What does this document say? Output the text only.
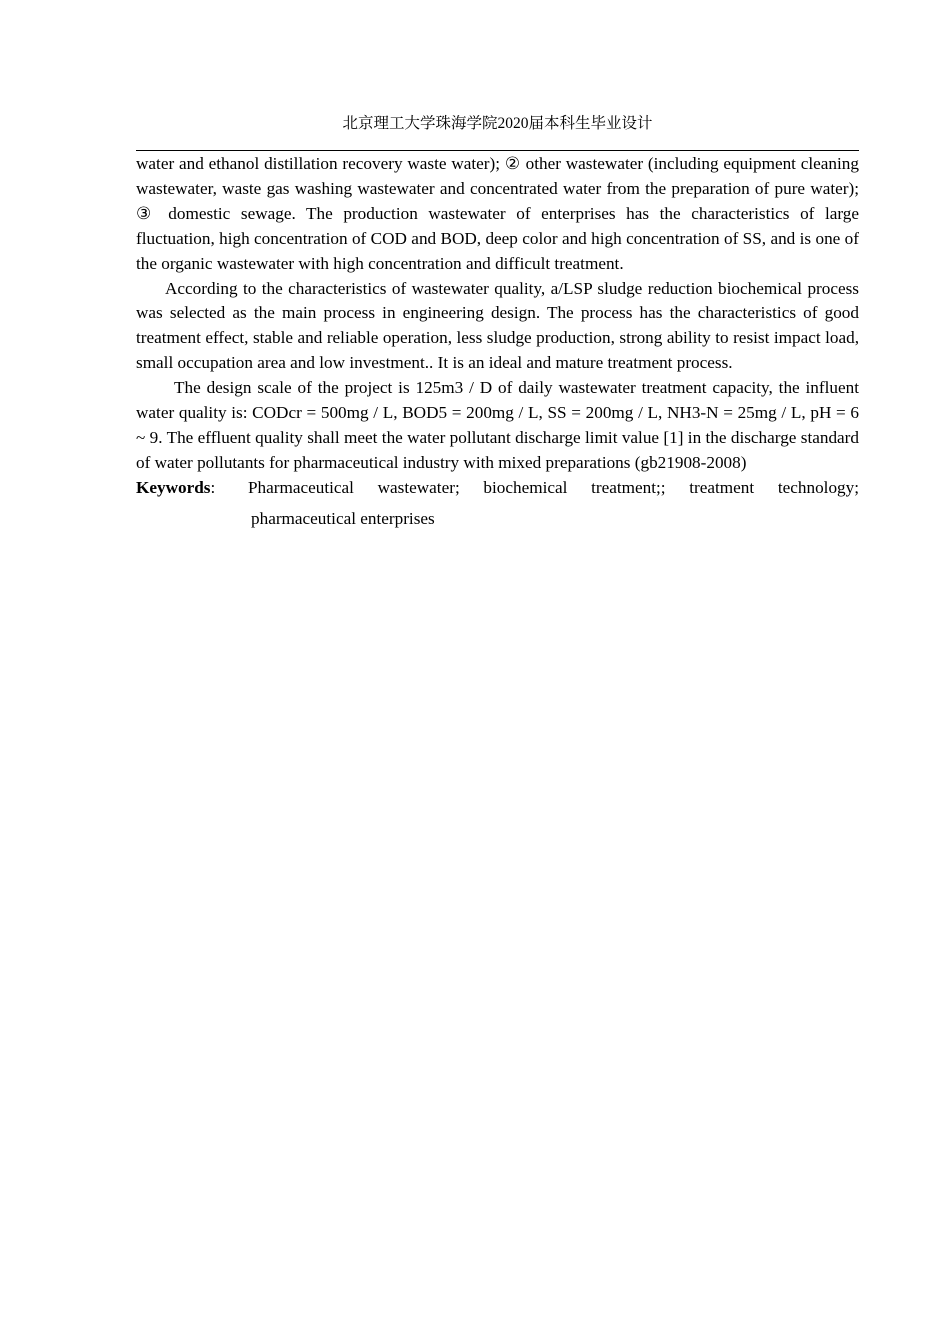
北京理工大学珠海学院2020届本科生毕业设计

water and ethanol distillation recovery waste water); ② other wastewater (including equipment cleaning wastewater, waste gas washing wastewater and concentrated water from the preparation of pure water); ③ domestic sewage. The production wastewater of enterprises has the characteristics of large fluctuation, high concentration of COD and BOD, deep color and high concentration of SS, and is one of the organic wastewater with high concentration and difficult treatment.

According to the characteristics of wastewater quality, a/LSP sludge reduction biochemical process was selected as the main process in engineering design. The process has the characteristics of good treatment effect, stable and reliable operation, less sludge production, strong ability to resist impact load, small occupation area and low investment.. It is an ideal and mature treatment process.

The design scale of the project is 125m3 / D of daily wastewater treatment capacity, the influent water quality is: CODcr = 500mg / L, BOD5 = 200mg / L, SS = 200mg / L, NH3-N = 25mg / L, pH = 6 ~ 9. The effluent quality shall meet the water pollutant discharge limit value [1] in the discharge standard of water pollutants for pharmaceutical industry with mixed preparations (gb21908-2008)

Keywords:	Pharmaceutical wastewater; biochemical treatment;; treatment technology;
pharmaceutical enterprises
